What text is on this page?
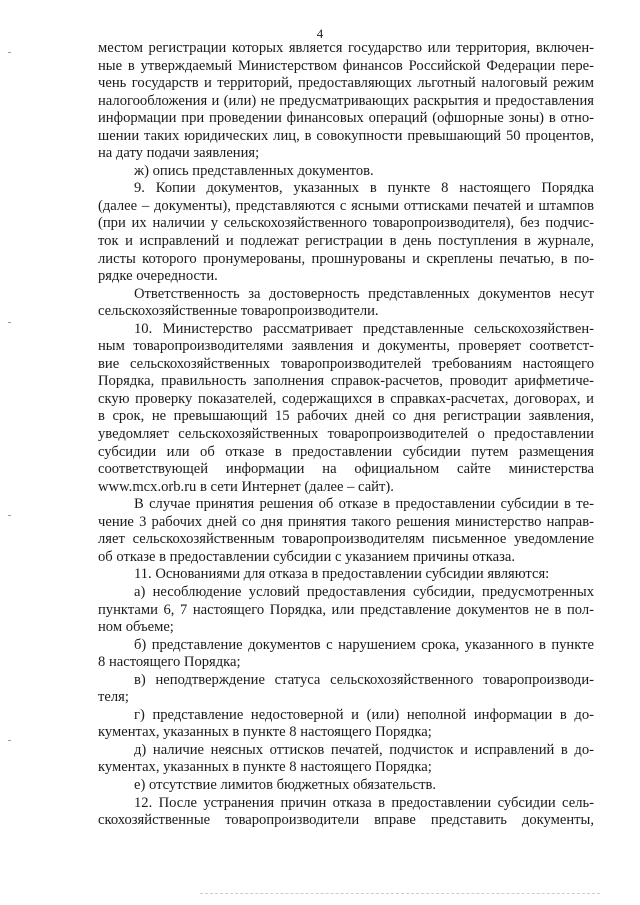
4
местом регистрации которых является государство или территория, включен-
ные в утверждаемый Министерством финансов Российской Федерации пере-
чень государств и территорий, предоставляющих льготный налоговый режим
налогообложения и (или) не предусматривающих раскрытия и предоставления
информации при проведении финансовых операций (офшорные зоны) в отно-
шении таких юридических лиц, в совокупности превышающий 50 процентов,
на дату подачи заявления;
ж) опись представленных документов.
9. Копии документов, указанных в пункте 8 настоящего Порядка
(далее – документы), представляются с ясными оттисками печатей и штампов
(при их наличии у сельскохозяйственного товаропроизводителя), без подчис-
ток и исправлений и подлежат регистрации в день поступления в журнале,
листы которого пронумерованы, прошнурованы и скреплены печатью, в по-
рядке очередности.
Ответственность за достоверность представленных документов несут
сельскохозяйственные товаропроизводители.
10. Министерство рассматривает представленные сельскохозяйствен-
ным товаропроизводителями заявления и документы, проверяет соответст-
вие сельскохозяйственных товаропроизводителей требованиям настоящего
Порядка, правильность заполнения справок-расчетов, проводит арифметиче-
скую проверку показателей, содержащихся в справках-расчетах, договорах, и
в срок, не превышающий 15 рабочих дней со дня регистрации заявления,
уведомляет сельскохозяйственных товаропроизводителей о предоставлении
субсидии или об отказе в предоставлении субсидии путем размещения
соответствующей информации на официальном сайте министерства
www.mcx.orb.ru в сети Интернет (далее – сайт).
В случае принятия решения об отказе в предоставлении субсидии в те-
чение 3 рабочих дней со дня принятия такого решения министерство направ-
ляет сельскохозяйственным товаропроизводителям письменное уведомление
об отказе в предоставлении субсидии с указанием причины отказа.
11. Основаниями для отказа в предоставлении субсидии являются:
а) несоблюдение условий предоставления субсидии, предусмотренных
пунктами 6, 7 настоящего Порядка, или представление документов не в пол-
ном объеме;
б) представление документов с нарушением срока, указанного в пункте
8 настоящего Порядка;
в) неподтверждение статуса сельскохозяйственного товаропроизводи-
теля;
г) представление недостоверной и (или) неполной информации в до-
кументах, указанных в пункте 8 настоящего Порядка;
д) наличие неясных оттисков печатей, подчисток и исправлений в до-
кументах, указанных в пункте 8 настоящего Порядка;
е) отсутствие лимитов бюджетных обязательств.
12. После устранения причин отказа в предоставлении субсидии сель-
скохозяйственные товаропроизводители вправе представить документы,
